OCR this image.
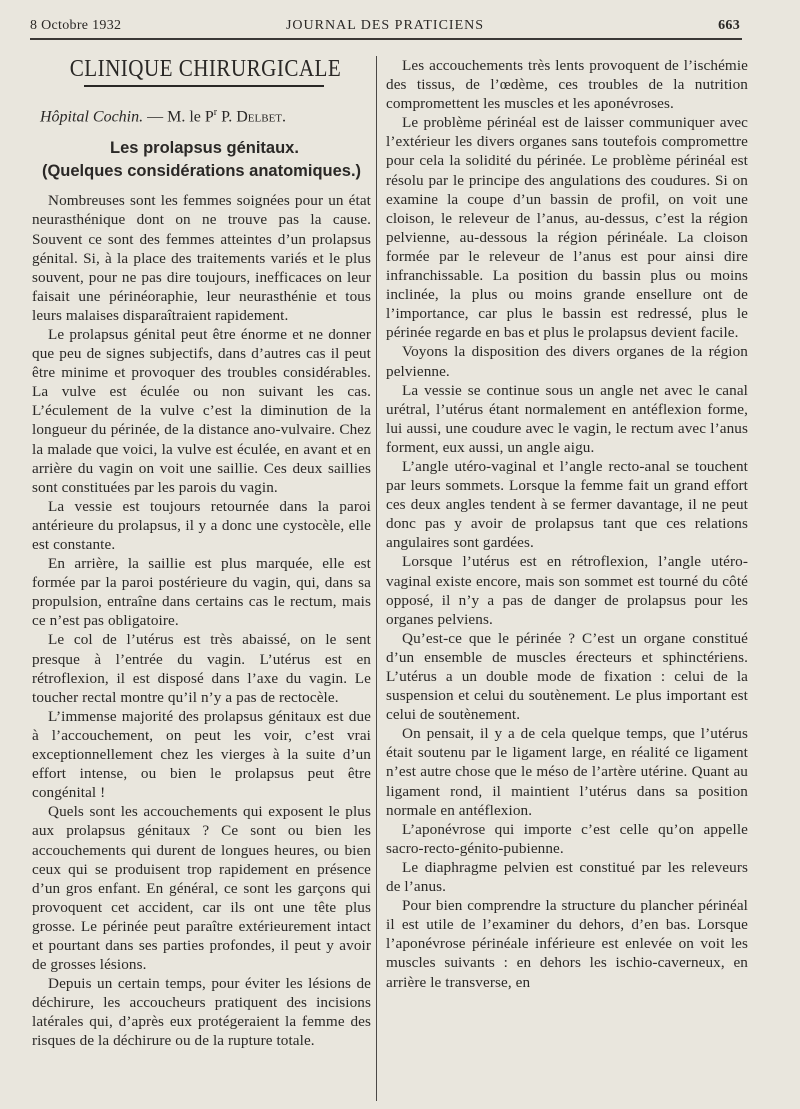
8 Octobre 1932	JOURNAL DES PRATICIENS	663
CLINIQUE CHIRURGICALE
Hôpital Cochin. — M. le $P^r$ P. Delbet.
Les prolapsus génitaux.
(Quelques considérations anatomiques.)

Nombreuses sont les femmes soignées pour un état neurasthénique dont on ne trouve pas la cause. Souvent ce sont des femmes atteintes d’un prolapsus génital. Si, à la place des traitements variés et le plus souvent, pour ne pas dire toujours, inefficaces on leur faisait une périnéoraphie, leur neurasthénie et tous leurs malaises disparaîtraient rapidement.

Le prolapsus génital peut être énorme et ne donner que peu de signes subjectifs, dans d’autres cas il peut être minime et provoquer des troubles considérables. La vulve est éculée ou non suivant les cas. L’éculement de la vulve c’est la diminution de la longueur du périnée, de la distance ano-vulvaire. Chez la malade que voici, la vulve est éculée, en avant et en arrière du vagin on voit une saillie. Ces deux saillies sont constituées par les parois du vagin.

La vessie est toujours retournée dans la paroi antérieure du prolapsus, il y a donc une cystocèle, elle est constante.

En arrière, la saillie est plus marquée, elle est formée par la paroi postérieure du vagin, qui, dans sa propulsion, entraîne dans certains cas le rectum, mais ce n’est pas obligatoire.

Le col de l’utérus est très abaissé, on le sent presque à l’entrée du vagin. L’utérus est en rétroflexion, il est disposé dans l’axe du vagin. Le toucher rectal montre qu’il n’y a pas de rectocèle.

L’immense majorité des prolapsus génitaux est due à l’accouchement, on peut les voir, c’est vrai exceptionnellement chez les vierges à la suite d’un effort intense, ou bien le prolapsus peut être congénital !

Quels sont les accouchements qui exposent le plus aux prolapsus génitaux ? Ce sont ou bien les accouchements qui durent de longues heures, ou bien ceux qui se produisent trop rapidement en présence d’un gros enfant. En général, ce sont les garçons qui provoquent cet accident, car ils ont une tête plus grosse. Le périnée peut paraître extérieurement intact et pourtant dans ses parties profondes, il peut y avoir de grosses lésions.

Depuis un certain temps, pour éviter les lésions de déchirure, les accoucheurs pratiquent des incisions latérales qui, d’après eux protégeraient la femme des risques de la déchirure ou de la rupture totale.

Les accouchements très lents provoquent de l’ischémie des tissus, de l’œdème, ces troubles de la nutrition compromettent les muscles et les aponévroses.

Le problème périnéal est de laisser communiquer avec l’extérieur les divers organes sans toutefois compromettre pour cela la solidité du périnée. Le problème périnéal est résolu par le principe des angulations des coudures. Si on examine la coupe d’un bassin de profil, on voit une cloison, le releveur de l’anus, au-dessus, c’est la région pelvienne, au-dessous la région périnéale. La cloison formée par le releveur de l’anus est pour ainsi dire infranchissable. La position du bassin plus ou moins inclinée, la plus ou moins grande ensellure ont de l’importance, car plus le bassin est redressé, plus le périnée regarde en bas et plus le prolapsus devient facile.

Voyons la disposition des divers organes de la région pelvienne.

La vessie se continue sous un angle net avec le canal urétral, l’utérus étant normalement en antéflexion forme, lui aussi, une coudure avec le vagin, le rectum avec l’anus forment, eux aussi, un angle aigu.

L’angle utéro-vaginal et l’angle recto-anal se touchent par leurs sommets. Lorsque la femme fait un grand effort ces deux angles tendent à se fermer davantage, il ne peut donc pas y avoir de prolapsus tant que ces relations angulaires sont gardées.

Lorsque l’utérus est en rétroflexion, l’angle utéro-vaginal existe encore, mais son sommet est tourné du côté opposé, il n’y a pas de danger de prolapsus pour les organes pelviens.

Qu’est-ce que le périnée ? C’est un organe constitué d’un ensemble de muscles érecteurs et sphinctériens. L’utérus a un double mode de fixation : celui de la suspension et celui du soutènement. Le plus important est celui de soutènement.

On pensait, il y a de cela quelque temps, que l’utérus était soutenu par le ligament large, en réalité ce ligament n’est autre chose que le méso de l’artère utérine. Quant au ligament rond, il maintient l’utérus dans sa position normale en antéflexion.

L’aponévrose qui importe c’est celle qu’on appelle sacro-recto-génito-pubienne.

Le diaphragme pelvien est constitué par les releveurs de l’anus.

Pour bien comprendre la structure du plancher périnéal il est utile de l’examiner du dehors, d’en bas. Lorsque l’aponévrose périnéale inférieure est enlevée on voit les muscles suivants : en dehors les ischio-caverneux, en arrière le transverse, en
